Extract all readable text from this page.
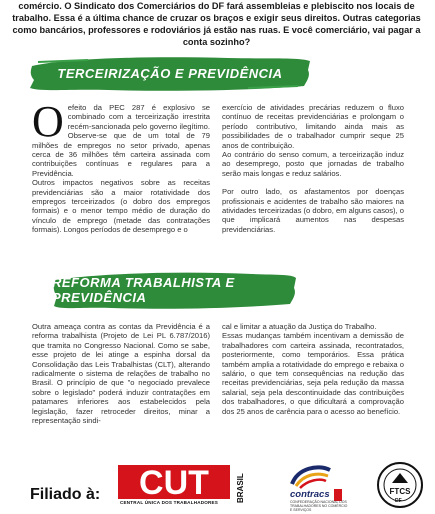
comércio. O Sindicato dos Comerciários do DF fará assembleias e plebiscito nos locais de trabalho. Essa é a última chance de cruzar os braços e exigir seus direitos. Outras categorias como bancários, professores e rodoviários já estão nas ruas. E você comerciário, vai pagar a conta sozinho?
TERCEIRIZAÇÃO E PREVIDÊNCIA
O efeito da PEC 287 é explosivo se combinado com a terceirização irrestrita recém-sancionada pelo governo ilegítimo. Observe-se que de um total de 79 milhões de empregos no setor privado, apenas cerca de 36 milhões têm carteira assinada com contribuições contínuas e regulares para a Previdência.

Outros impactos negativos sobre as receitas previdenciárias são a maior rotatividade dos empregos terceirizados (o dobro dos empregos formais) e o menor tempo médio de duração do vínculo de emprego (metade das contratações formais). Longos períodos de desemprego e o

exercício de atividades precárias reduzem o fluxo contínuo de receitas previdenciárias e prolongam o período contributivo, limitando ainda mais as possibilidades de o trabalhador cumprir seque 25 anos de contribuição.

Ao contrário do senso comum, a terceirização induz ao desemprego, posto que jornadas de trabalho serão mais longas e reduz salários.

Por outro lado, os afastamentos por doenças profissionais e acidentes de trabalho são maiores na atividades terceirizadas (o dobro, em alguns casos), o que implicará aumentos nas despesas previdenciárias.

REFORMA TRABALHISTA E PREVIDÊNCIA

Outra ameaça contra as contas da Previdência é a reforma trabalhista (Projeto de Lei PL 6.787/2016) que tramita no Congresso Nacional. Como se sabe, esse projeto de lei atinge a espinha dorsal da Consolidação das Leis Trabalhistas (CLT), alterando radicalmente o sistema de relações de trabalho no Brasil. O princípio de que "o negociado prevalece sobre o legislado" poderá induzir contratações em patamares inferiores aos estabelecidos pela legislação, fazer retroceder direitos, minar a representação sindi-

cal e limitar a atuação da Justiça do Trabalho.

Essas mudanças também incentivam a demissão de trabalhadores com carteira assinada, recontratados, posteriormente, como temporários. Essa prática também amplia a rotatividade do emprego e rebaixa o salário, o que tem consequências na redução das receitas previdenciárias, seja pela redução da massa salarial, seja pela descontinuidade das contribuições dos trabalhadores, o que dificultará a comprovação dos 25 anos de carência para o acesso ao benefício.

Filiado à: CUT
CENTRAL ÚNICA DOS TRABALHADORES BRASIL	contracs
CONFEDERAÇÃO NACIONAL DOS TRABALHADORES NO COMÉRCIO E SERVIÇOS
FTCS
DF
